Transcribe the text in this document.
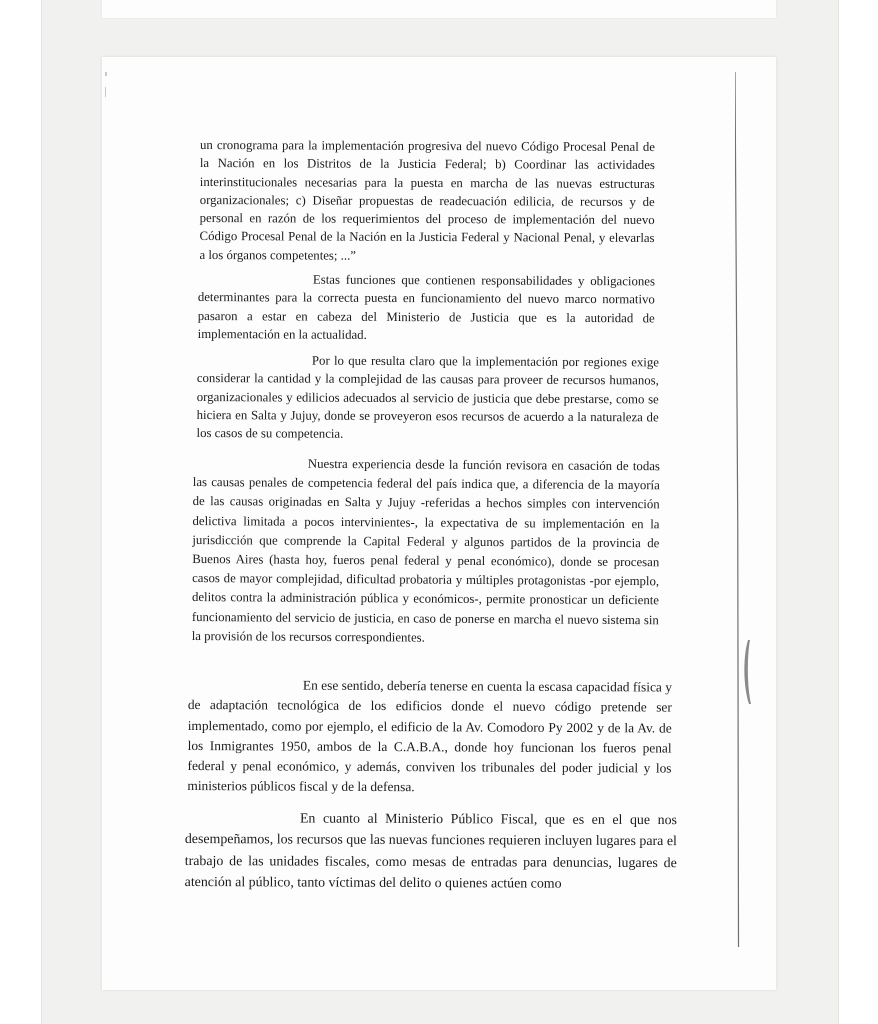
un cronograma para la implementación progresiva del nuevo Código Procesal Penal de la Nación en los Distritos de la Justicia Federal; b) Coordinar las actividades interinstitucionales necesarias para la puesta en marcha de las nuevas estructuras organizacionales; c) Diseñar propuestas de readecuación edilicia, de recursos y de personal en razón de los requerimientos del proceso de implementación del nuevo Código Procesal Penal de la Nación en la Justicia Federal y Nacional Penal, y elevarlas a los órganos competentes; ...”

Estas funciones que contienen responsabilidades y obligaciones determinantes para la correcta puesta en funcionamiento del nuevo marco normativo pasaron a estar en cabeza del Ministerio de Justicia que es la autoridad de implementación en la actualidad.

Por lo que resulta claro que la implementación por regiones exige considerar la cantidad y la complejidad de las causas para proveer de recursos humanos, organizacionales y edilicios adecuados al servicio de justicia que debe prestarse, como se hiciera en Salta y Jujuy, donde se proveyeron esos recursos de acuerdo a la naturaleza de los casos de su competencia.

Nuestra experiencia desde la función revisora en casación de todas las causas penales de competencia federal del país indica que, a diferencia de la mayoría de las causas originadas en Salta y Jujuy -referidas a hechos simples con intervención delictiva limitada a pocos intervinientes-, la expectativa de su implementación en la jurisdicción que comprende la Capital Federal y algunos partidos de la provincia de Buenos Aires (hasta hoy, fueros penal federal y penal económico), donde se procesan casos de mayor complejidad, dificultad probatoria y múltiples protagonistas -por ejemplo, delitos contra la administración pública y económicos-, permite pronosticar un deficiente funcionamiento del servicio de justicia, en caso de ponerse en marcha el nuevo sistema sin la provisión de los recursos correspondientes.

En ese sentido, debería tenerse en cuenta la escasa capacidad física y de adaptación tecnológica de los edificios donde el nuevo código pretende ser implementado, como por ejemplo, el edificio de la Av. Comodoro Py 2002 y de la Av. de los Inmigrantes 1950, ambos de la C.A.B.A., donde hoy funcionan los fueros penal federal y penal económico, y además, conviven los tribunales del poder judicial y los ministerios públicos fiscal y de la defensa.

En cuanto al Ministerio Público Fiscal, que es en el que nos desempeñamos, los recursos que las nuevas funciones requieren incluyen lugares para el trabajo de las unidades fiscales, como mesas de entradas para denuncias, lugares de atención al público, tanto víctimas del delito o quienes actúen como
